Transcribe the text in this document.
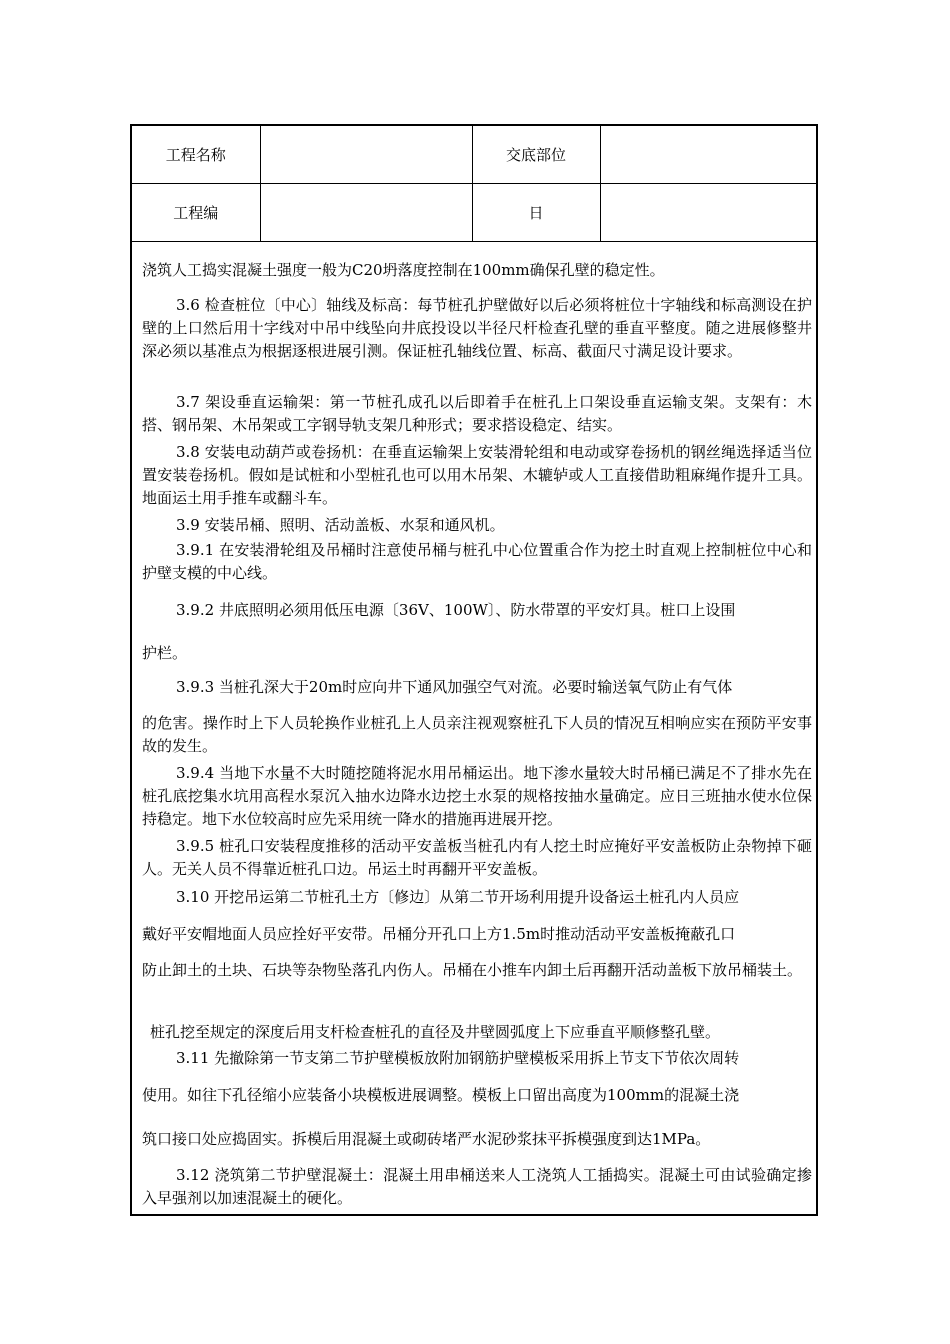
工程名称		交底部位	
工程编		日	
浇筑人工捣实混凝土强度一般为C20坍落度控制在100mm确保孔壁的稳定性。
3.6 检查桩位〔中心〕轴线及标高：每节桩孔护壁做好以后必须将桩位十字轴线和标高测设在护壁的上口然后用十字线对中吊中线坠向井底投设以半径尺杆检查孔壁的垂直平整度。随之进展修整井深必须以基准点为根据逐根进展引测。保证桩孔轴线位置、标高、截面尺寸满足设计要求。
3.7 架设垂直运输架：第一节桩孔成孔以后即着手在桩孔上口架设垂直运输支架。支架有：木搭、钢吊架、木吊架或工字钢导轨支架几种形式；要求搭设稳定、结实。
3.8 安装电动葫芦或卷扬机：在垂直运输架上安装滑轮组和电动或穿卷扬机的钢丝绳选择适当位置安装卷扬机。假如是试桩和小型桩孔也可以用木吊架、木辘轳或人工直接借助粗麻绳作提升工具。地面运土用手推车或翻斗车。
3.9 安装吊桶、照明、活动盖板、水泵和通风机。
3.9.1 在安装滑轮组及吊桶时注意使吊桶与桩孔中心位置重合作为挖土时直观上控制桩位中心和护壁支模的中心线。
3.9.2 井底照明必须用低压电源〔36V、100W〕、防水带罩的平安灯具。桩口上设围
护栏。
3.9.3 当桩孔深大于20m时应向井下通风加强空气对流。必要时输送氧气防止有气体
的危害。操作时上下人员轮换作业桩孔上人员亲注视观察桩孔下人员的情况互相响应实在预防平安事故的发生。
3.9.4 当地下水量不大时随挖随将泥水用吊桶运出。地下渗水量较大时吊桶已满足不了排水先在桩孔底挖集水坑用高程水泵沉入抽水边降水边挖土水泵的规格按抽水量确定。应日三班抽水使水位保持稳定。地下水位较高时应先采用统一降水的措施再进展开挖。
3.9.5 桩孔口安装程度推移的活动平安盖板当桩孔内有人挖土时应掩好平安盖板防止杂物掉下砸人。无关人员不得靠近桩孔口边。吊运土时再翻开平安盖板。
3.10 开挖吊运第二节桩孔土方〔修边〕从第二节开场利用提升设备运土桩孔内人员应
戴好平安帽地面人员应拴好平安带。吊桶分开孔口上方1.5m时推动活动平安盖板掩蔽孔口
防止卸土的土块、石块等杂物坠落孔内伤人。吊桶在小推车内卸土后再翻开活动盖板下放吊桶装土。
桩孔挖至规定的深度后用支杆检查桩孔的直径及井壁圆弧度上下应垂直平顺修整孔壁。
3.11 先撤除第一节支第二节护壁模板放附加钢筋护壁模板采用拆上节支下节依次周转
使用。如往下孔径缩小应装备小块模板进展调整。模板上口留出高度为100mm的混凝土浇
筑口接口处应捣固实。拆模后用混凝土或砌砖堵严水泥砂浆抹平拆模强度到达1MPa。
3.12 浇筑第二节护壁混凝土：混凝土用串桶送来人工浇筑人工插捣实。混凝土可由试验确定掺入早强剂以加速混凝土的硬化。
